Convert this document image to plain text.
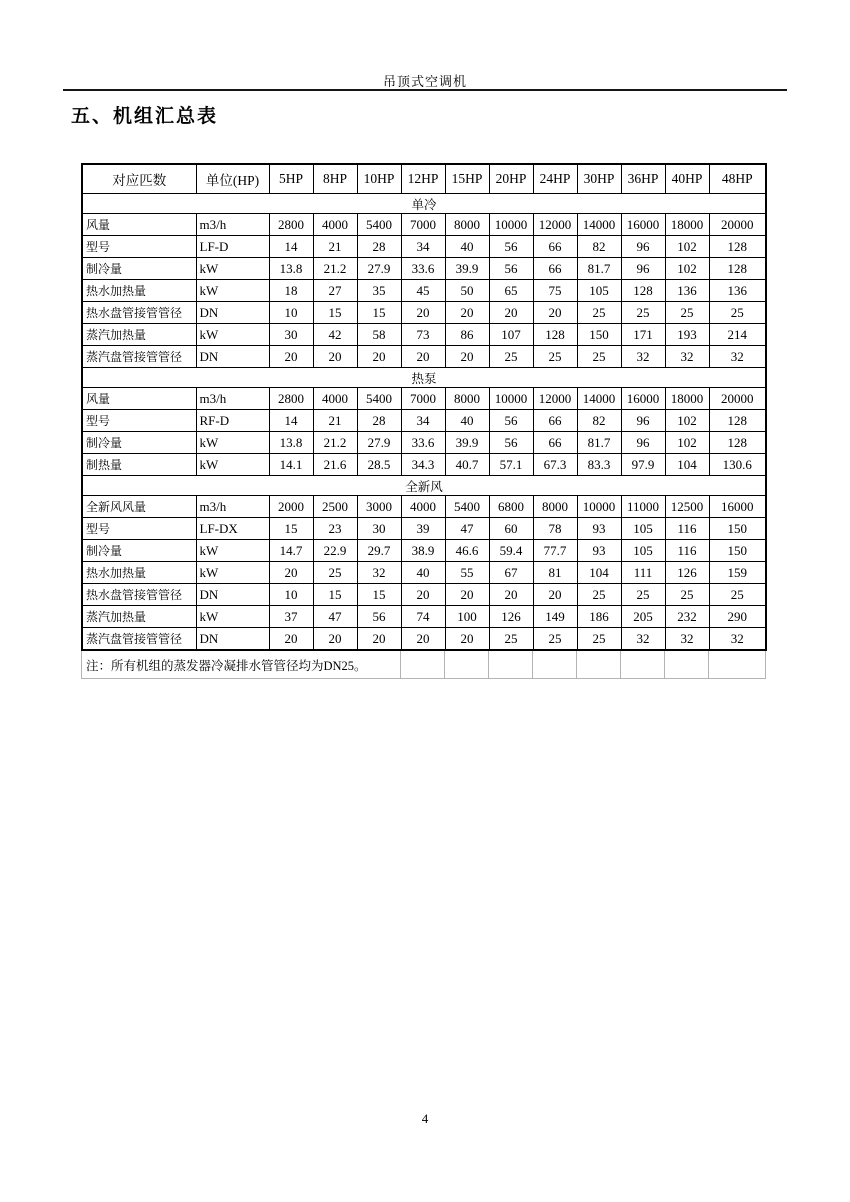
吊顶式空调机
五、机组汇总表
对应匹数	单位(HP)	5HP	8HP	10HP	12HP	15HP	20HP	24HP	30HP	36HP	40HP	48HP
单冷												
风量	m3/h	2800	4000	5400	7000	8000	10000	12000	14000	16000	18000	20000
型号	LF-D	14	21	28	34	40	56	66	82	96	102	128
制冷量	kW	13.8	21.2	27.9	33.6	39.9	56	66	81.7	96	102	128
热水加热量	kW	18	27	35	45	50	65	75	105	128	136	136
热水盘管接管管径	DN	10	15	15	20	20	20	20	25	25	25	25
蒸汽加热量	kW	30	42	58	73	86	107	128	150	171	193	214
蒸汽盘管接管管径	DN	20	20	20	20	20	25	25	25	32	32	32
热泵												
风量	m3/h	2800	4000	5400	7000	8000	10000	12000	14000	16000	18000	20000
型号	RF-D	14	21	28	34	40	56	66	82	96	102	128
制冷量	kW	13.8	21.2	27.9	33.6	39.9	56	66	81.7	96	102	128
制热量	kW	14.1	21.6	28.5	34.3	40.7	57.1	67.3	83.3	97.9	104	130.6
全新风												
全新风风量	m3/h	2000	2500	3000	4000	5400	6800	8000	10000	11000	12500	16000
型号	LF-DX	15	23	30	39	47	60	78	93	105	116	150
制冷量	kW	14.7	22.9	29.7	38.9	46.6	59.4	77.7	93	105	116	150
热水加热量	kW	20	25	32	40	55	67	81	104	111	126	159
热水盘管接管管径	DN	10	15	15	20	20	20	20	25	25	25	25
蒸汽加热量	kW	37	47	56	74	100	126	149	186	205	232	290
蒸汽盘管接管管径	DN	20	20	20	20	20	25	25	25	32	32	32
注：所有机组的蒸发器冷凝排水管管径均为DN25。								
4
